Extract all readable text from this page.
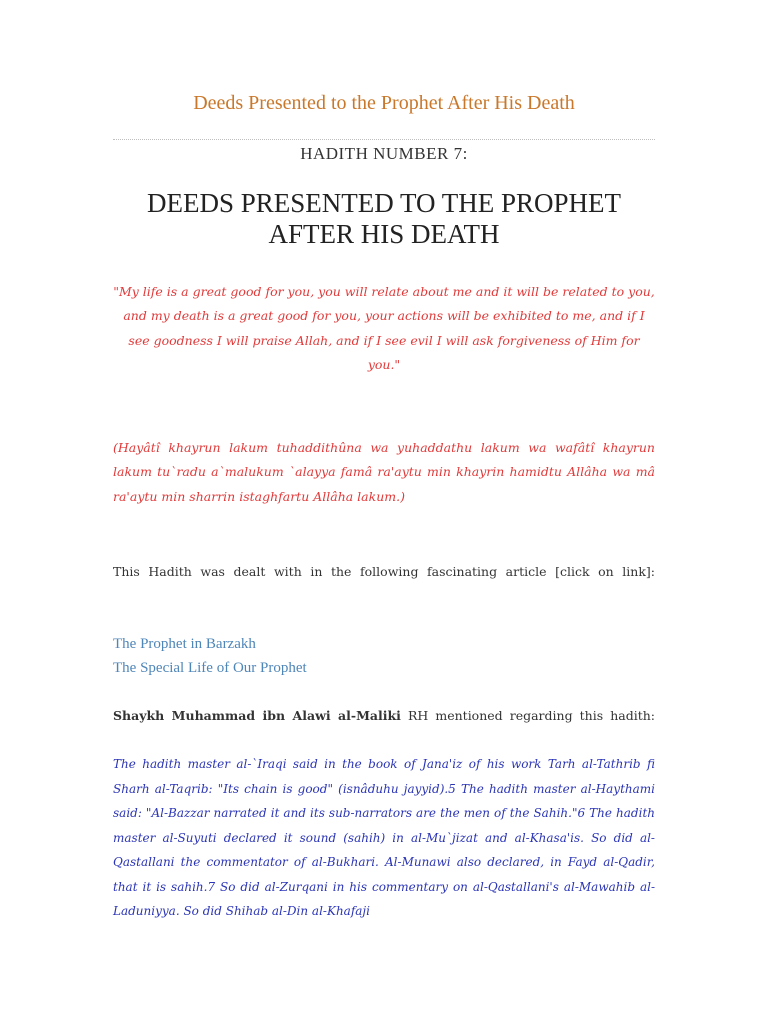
Deeds Presented to the Prophet After His Death
HADITH NUMBER 7:
DEEDS PRESENTED TO THE PROPHET AFTER HIS DEATH

"My life is a great good for you, you will relate about me and it will be related to you, and my death is a great good for you, your actions will be exhibited to me, and if I see goodness I will praise Allah, and if I see evil I will ask forgiveness of Him for you."

(Hayâtî khayrun lakum tuhaddithûna wa yuhaddathu lakum wa wafâtî khayrun lakum tu`radu a`malukum `alayya famâ ra'aytu min khayrin hamidtu Allâha wa mâ ra'aytu min sharrin istaghfartu Allâha lakum.)

This Hadith was dealt with in the following fascinating article [click on link]:

The Prophet in Barzakh
The Special Life of Our Prophet

Shaykh Muhammad ibn Alawi al-Maliki RH mentioned regarding this hadith:

The hadith master al-`Iraqi said in the book of Jana'iz of his work Tarh al-Tathrib fi Sharh al-Taqrib: "Its chain is good" (isnâduhu jayyid).5 The hadith master al-Haythami said: "Al-Bazzar narrated it and its sub-narrators are the men of the Sahih."6 The hadith master al-Suyuti declared it sound (sahih) in al-Mu`jizat and al-Khasa'is. So did al-Qastallani the commentator of al-Bukhari. Al-Munawi also declared, in Fayd al-Qadir, that it is sahih.7 So did al-Zurqani in his commentary on al-Qastallani's al-Mawahib al-Laduniyya. So did Shihab al-Din al-Khafaji
